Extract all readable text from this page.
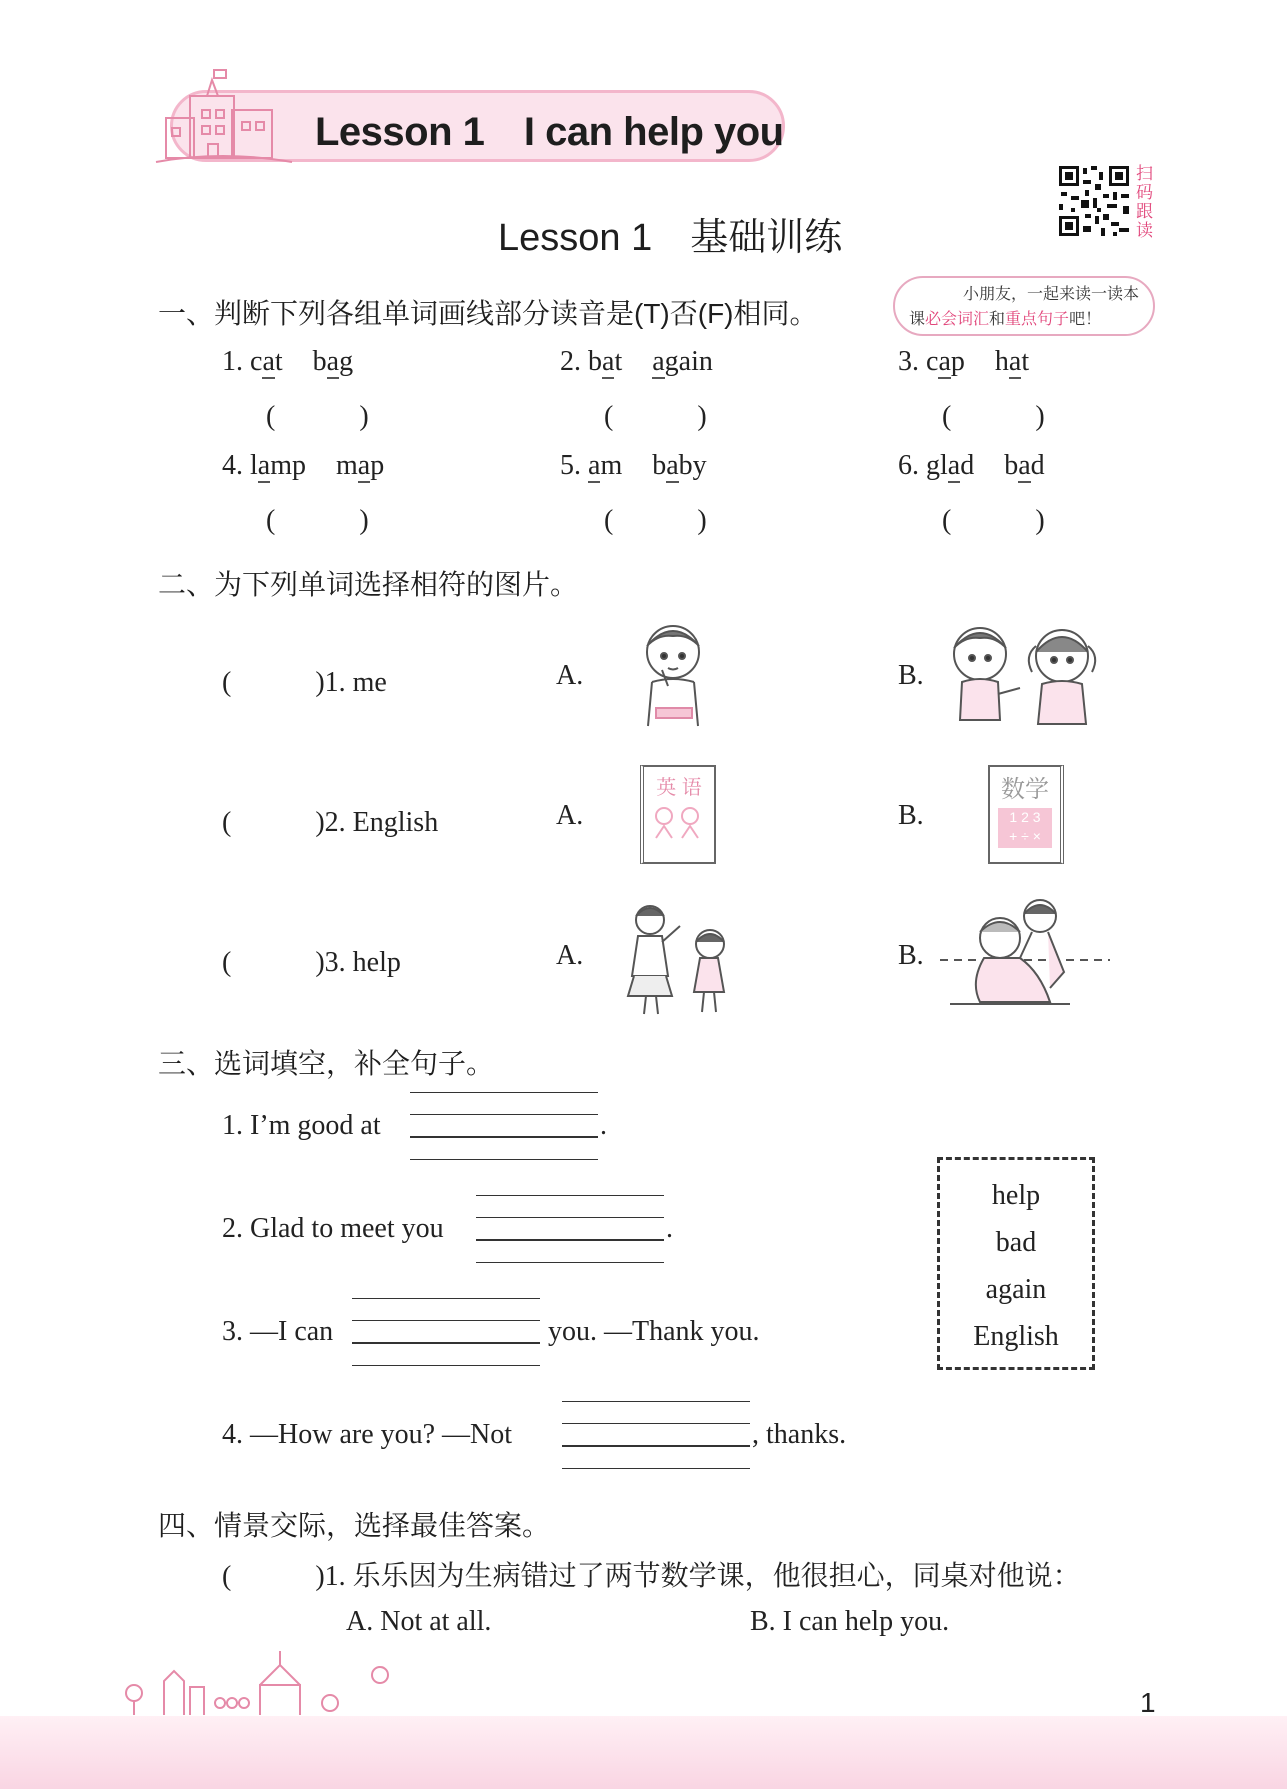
Lesson 1　I can help you
Lesson 1　基础训练
扫码跟读
小朋友，一起来读一读本
课必会词汇和重点句子吧！
一、判断下列各组单词画线部分读音是(T)否(F)相同。
1. cat bag
(　　　)
2. bat again
(　　　)
3. cap hat
(　　　)
4. lamp map
(　　　)
5. am baby
(　　　)
6. glad bad
(　　　)
二、为下列单词选择相符的图片。
(　　　)1. me	A.	B.
(　　　)2. English	A.	B.
(　　　)3. help	A.	B.
英 语	数学
1 2 3
+ ÷ ×
三、选词填空，补全句子。
1. I’m good at	.
2. Glad to meet you	.
3. —I can	you. —Thank you.
4. —How are you? —Not	, thanks.
help
bad
again
English
四、情景交际，选择最佳答案。
(　　　)1. 乐乐因为生病错过了两节数学课，他很担心，同桌对他说：
A. Not at all.	B. I can help you.
1
